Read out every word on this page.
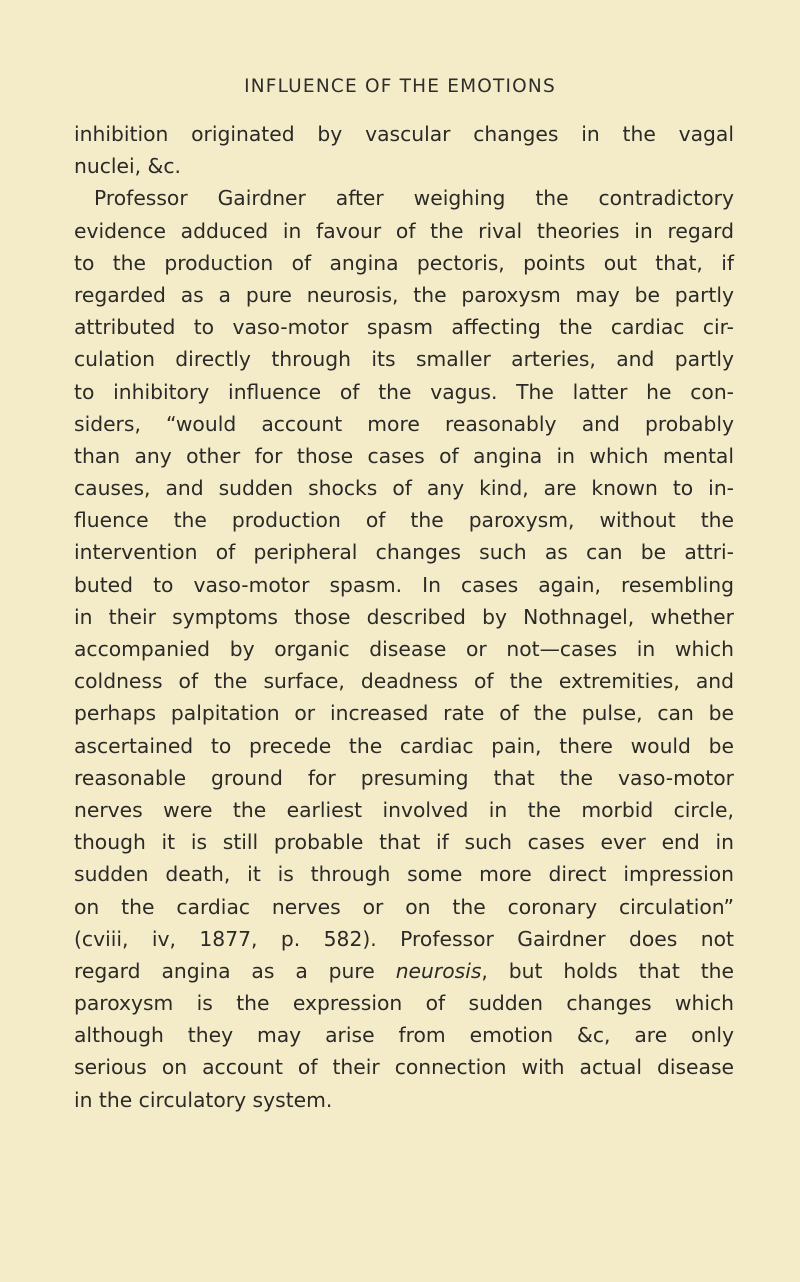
INFLUENCE OF THE EMOTIONS
inhibition originated by vascular changes in the vagal
nuclei, &c.
Professor Gairdner after weighing the contradictory
evidence adduced in favour of the rival theories in regard
to the production of angina pectoris, points out that, if
regarded as a pure neurosis, the paroxysm may be partly
attributed to vaso-motor spasm affecting the cardiac cir-
culation directly through its smaller arteries, and partly
to inhibitory influence of the vagus. The latter he con-
siders, “would account more reasonably and probably
than any other for those cases of angina in which mental
causes, and sudden shocks of any kind, are known to in-
fluence the production of the paroxysm, without the
intervention of peripheral changes such as can be attri-
buted to vaso-motor spasm. In cases again, resembling
in their symptoms those described by Nothnagel, whether
accompanied by organic disease or not—cases in which
coldness of the surface, deadness of the extremities, and
perhaps palpitation or increased rate of the pulse, can be
ascertained to precede the cardiac pain, there would be
reasonable ground for presuming that the vaso-motor
nerves were the earliest involved in the morbid circle,
though it is still probable that if such cases ever end in
sudden death, it is through some more direct impression
on the cardiac nerves or on the coronary circulation”
(cviii, iv, 1877, p. 582). Professor Gairdner does not
regard angina as a pure neurosis, but holds that the
paroxysm is the expression of sudden changes which
although they may arise from emotion &c, are only
serious on account of their connection with actual disease
in the circulatory system.
